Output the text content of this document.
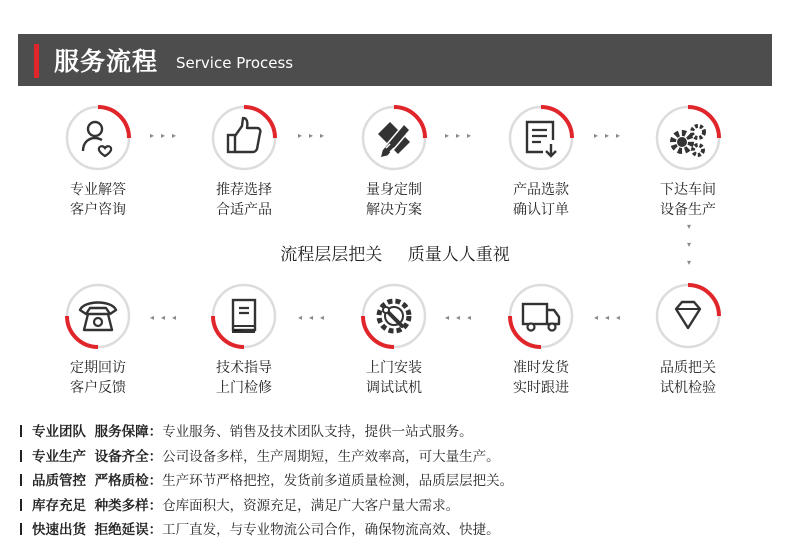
服务流程 Service Process
专业解答
客户咨询
▸▸▸
推荐选择
合适产品
▸▸▸
量身定制
解决方案
▸▸▸
产品选款
确认订单
▸▸▸
下达车间
设备生产
▾
▾
▾
流程层层把关 质量人人重视
定期回访
客户反馈
◂◂◂
技术指导
上门检修
◂◂◂
上门安装
调试试机
◂◂◂
准时发货
实时跟进
◂◂◂
品质把关
试机检验
专业团队 服务保障：专业服务、销售及技术团队支持，提供一站式服务。
专业生产 设备齐全：公司设备多样，生产周期短，生产效率高，可大量生产。
品质管控 严格质检：生产环节严格把控，发货前多道质量检测，品质层层把关。
库存充足 种类多样：仓库面积大，资源充足，满足广大客户量大需求。
快速出货 拒绝延误：工厂直发，与专业物流公司合作，确保物流高效、快捷。
